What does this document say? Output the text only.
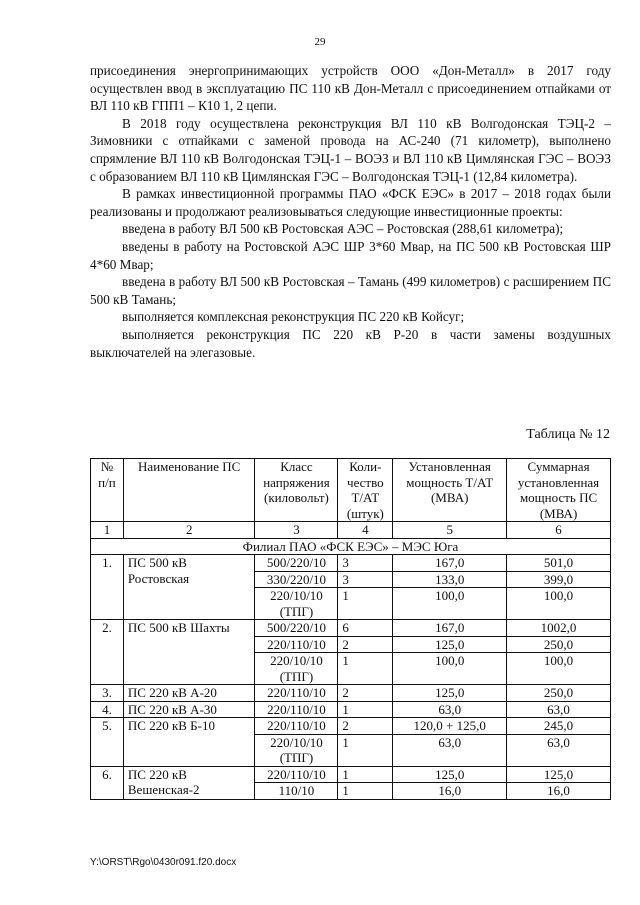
29

присоединения энергопринимающих устройств ООО «Дон-Металл» в 2017 году осуществлен ввод в эксплуатацию ПС 110 кВ Дон-Металл с присоединением отпайками от ВЛ 110 кВ ГПП1 – К10 1, 2 цепи.

В 2018 году осуществлена реконструкция ВЛ 110 кВ Волгодонская ТЭЦ-2 – Зимовники с отпайками с заменой провода на АС-240 (71 километр), выполнено спрямление ВЛ 110 кВ Волгодонская ТЭЦ-1 – ВОЭЗ и ВЛ 110 кВ Цимлянская ГЭС – ВОЭЗ с образованием ВЛ 110 кВ Цимлянская ГЭС – Волгодонская ТЭЦ-1 (12,84 километра).

В рамках инвестиционной программы ПАО «ФСК ЕЭС» в 2017 – 2018 годах были реализованы и продолжают реализовываться следующие инвестиционные проекты:

введена в работу ВЛ 500 кВ Ростовская АЭС – Ростовская (288,61 километра);

введены в работу на Ростовской АЭС ШР 3*60 Мвар, на ПС 500 кВ Ростовская ШР 4*60 Мвар;

введена в работу ВЛ 500 кВ Ростовская – Тамань (499 километров) с расширением ПС 500 кВ Тамань;

выполняется комплексная реконструкция ПС 220 кВ Койсуг;

выполняется реконструкция ПС 220 кВ Р-20 в части замены воздушных выключателей на элегазовые.

Таблица № 12
№ п/п	Наименование ПС	Класс напряжения (киловольт)	Коли-чество Т/АТ (штук)	Установленная мощность Т/АТ (МВА)	Суммарная установленная мощность ПС (МВА)
1	2	3	4	5	6
Филиал ПАО «ФСК ЕЭС» – МЭС Юга					
1.	ПС 500 кВ Ростовская	500/220/10	3	167,0	501,0
		330/220/10	3	133,0	399,0
		220/10/10 (ТПГ)	1	100,0	100,0
2.	ПС 500 кВ Шахты	500/220/10	6	167,0	1002,0
		220/110/10	2	125,0	250,0
		220/10/10 (ТПГ)	1	100,0	100,0
3.	ПС 220 кВ А-20	220/110/10	2	125,0	250,0
4.	ПС 220 кВ А-30	220/110/10	1	63,0	63,0
5.	ПС 220 кВ Б-10	220/110/10	2	120,0 + 125,0	245,0
		220/10/10 (ТПГ)	1	63,0	63,0
6.	ПС 220 кВ Вешенская-2	220/110/10	1	125,0	125,0
		110/10	1	16,0	16,0
Y:\ORST\Rgo\0430r091.f20.docx
